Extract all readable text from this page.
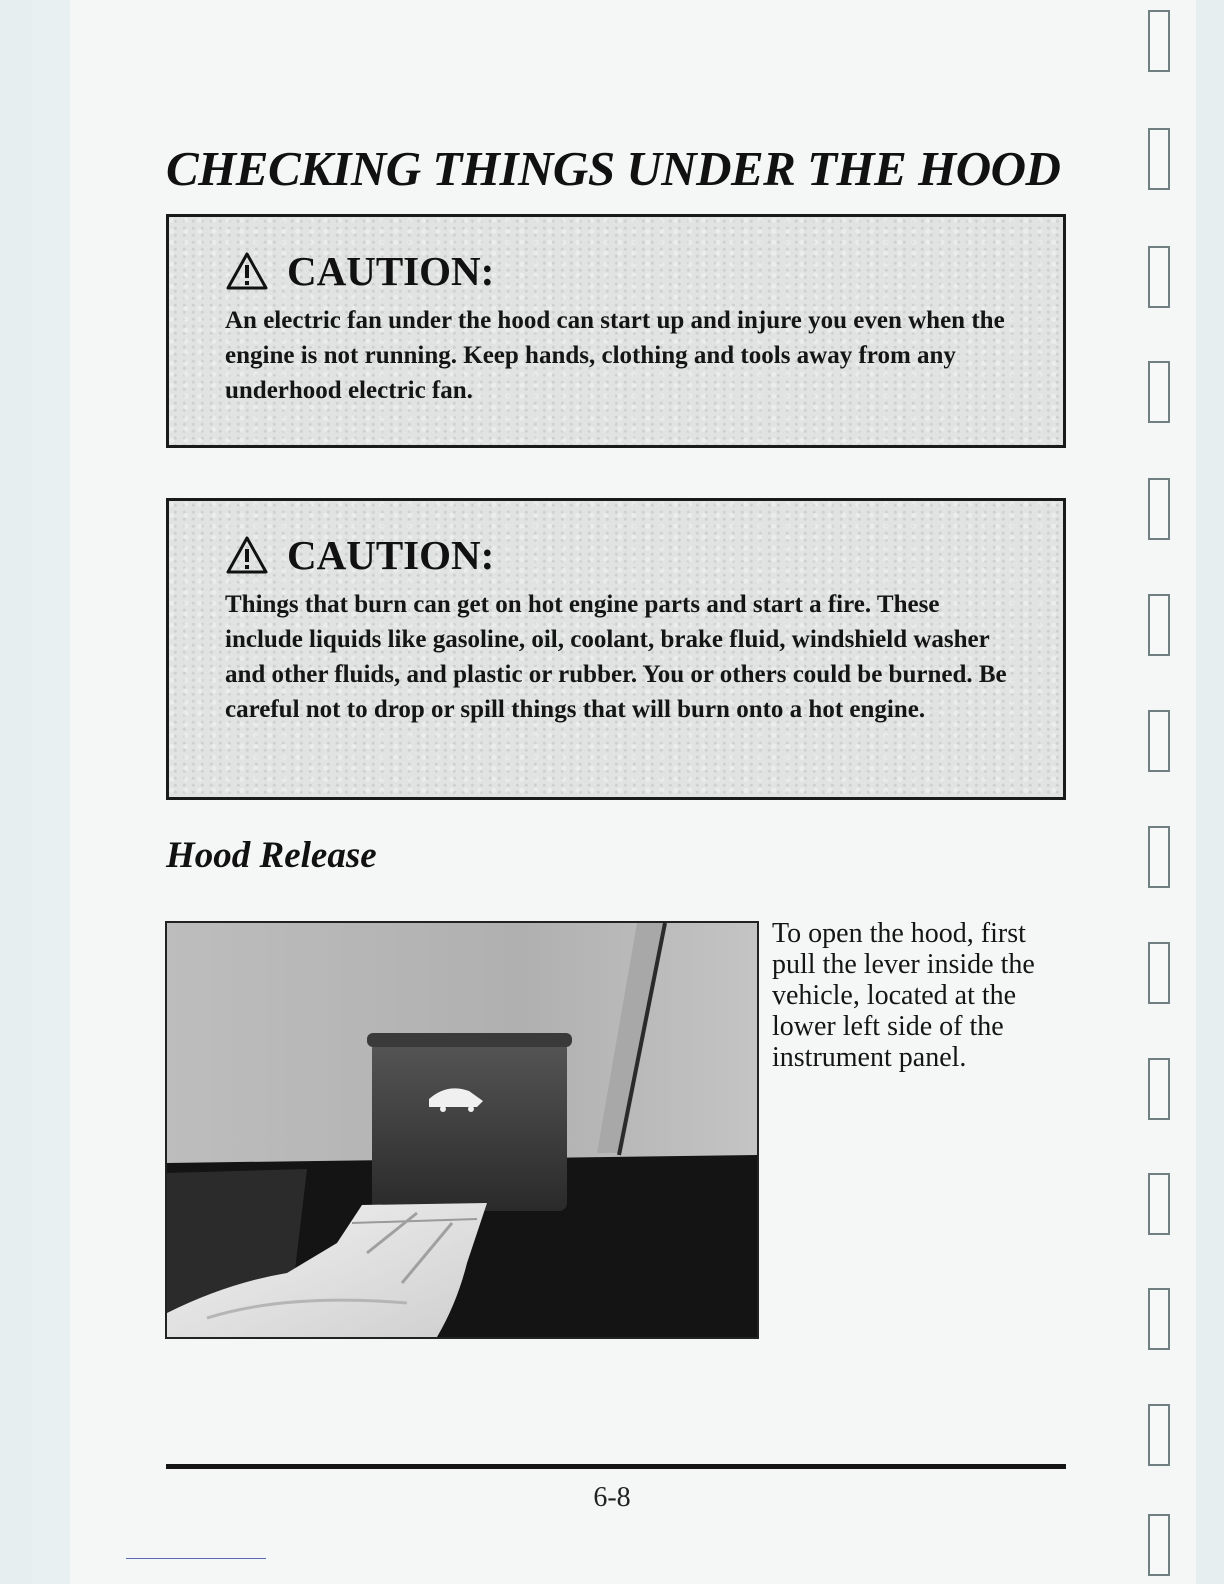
CHECKING THINGS UNDER THE HOOD
CAUTION:

An electric fan under the hood can start up and injure you even when the engine is not running. Keep hands, clothing and tools away from any underhood electric fan.

CAUTION:

Things that burn can get on hot engine parts and start a fire. These include liquids like gasoline, oil, coolant, brake fluid, windshield washer and other fluids, and plastic or rubber. You or others could be burned. Be careful not to drop or spill things that will burn onto a hot engine.

Hood Release

To open the hood, first pull the lever inside the vehicle, located at the lower left side of the instrument panel.

6-8
